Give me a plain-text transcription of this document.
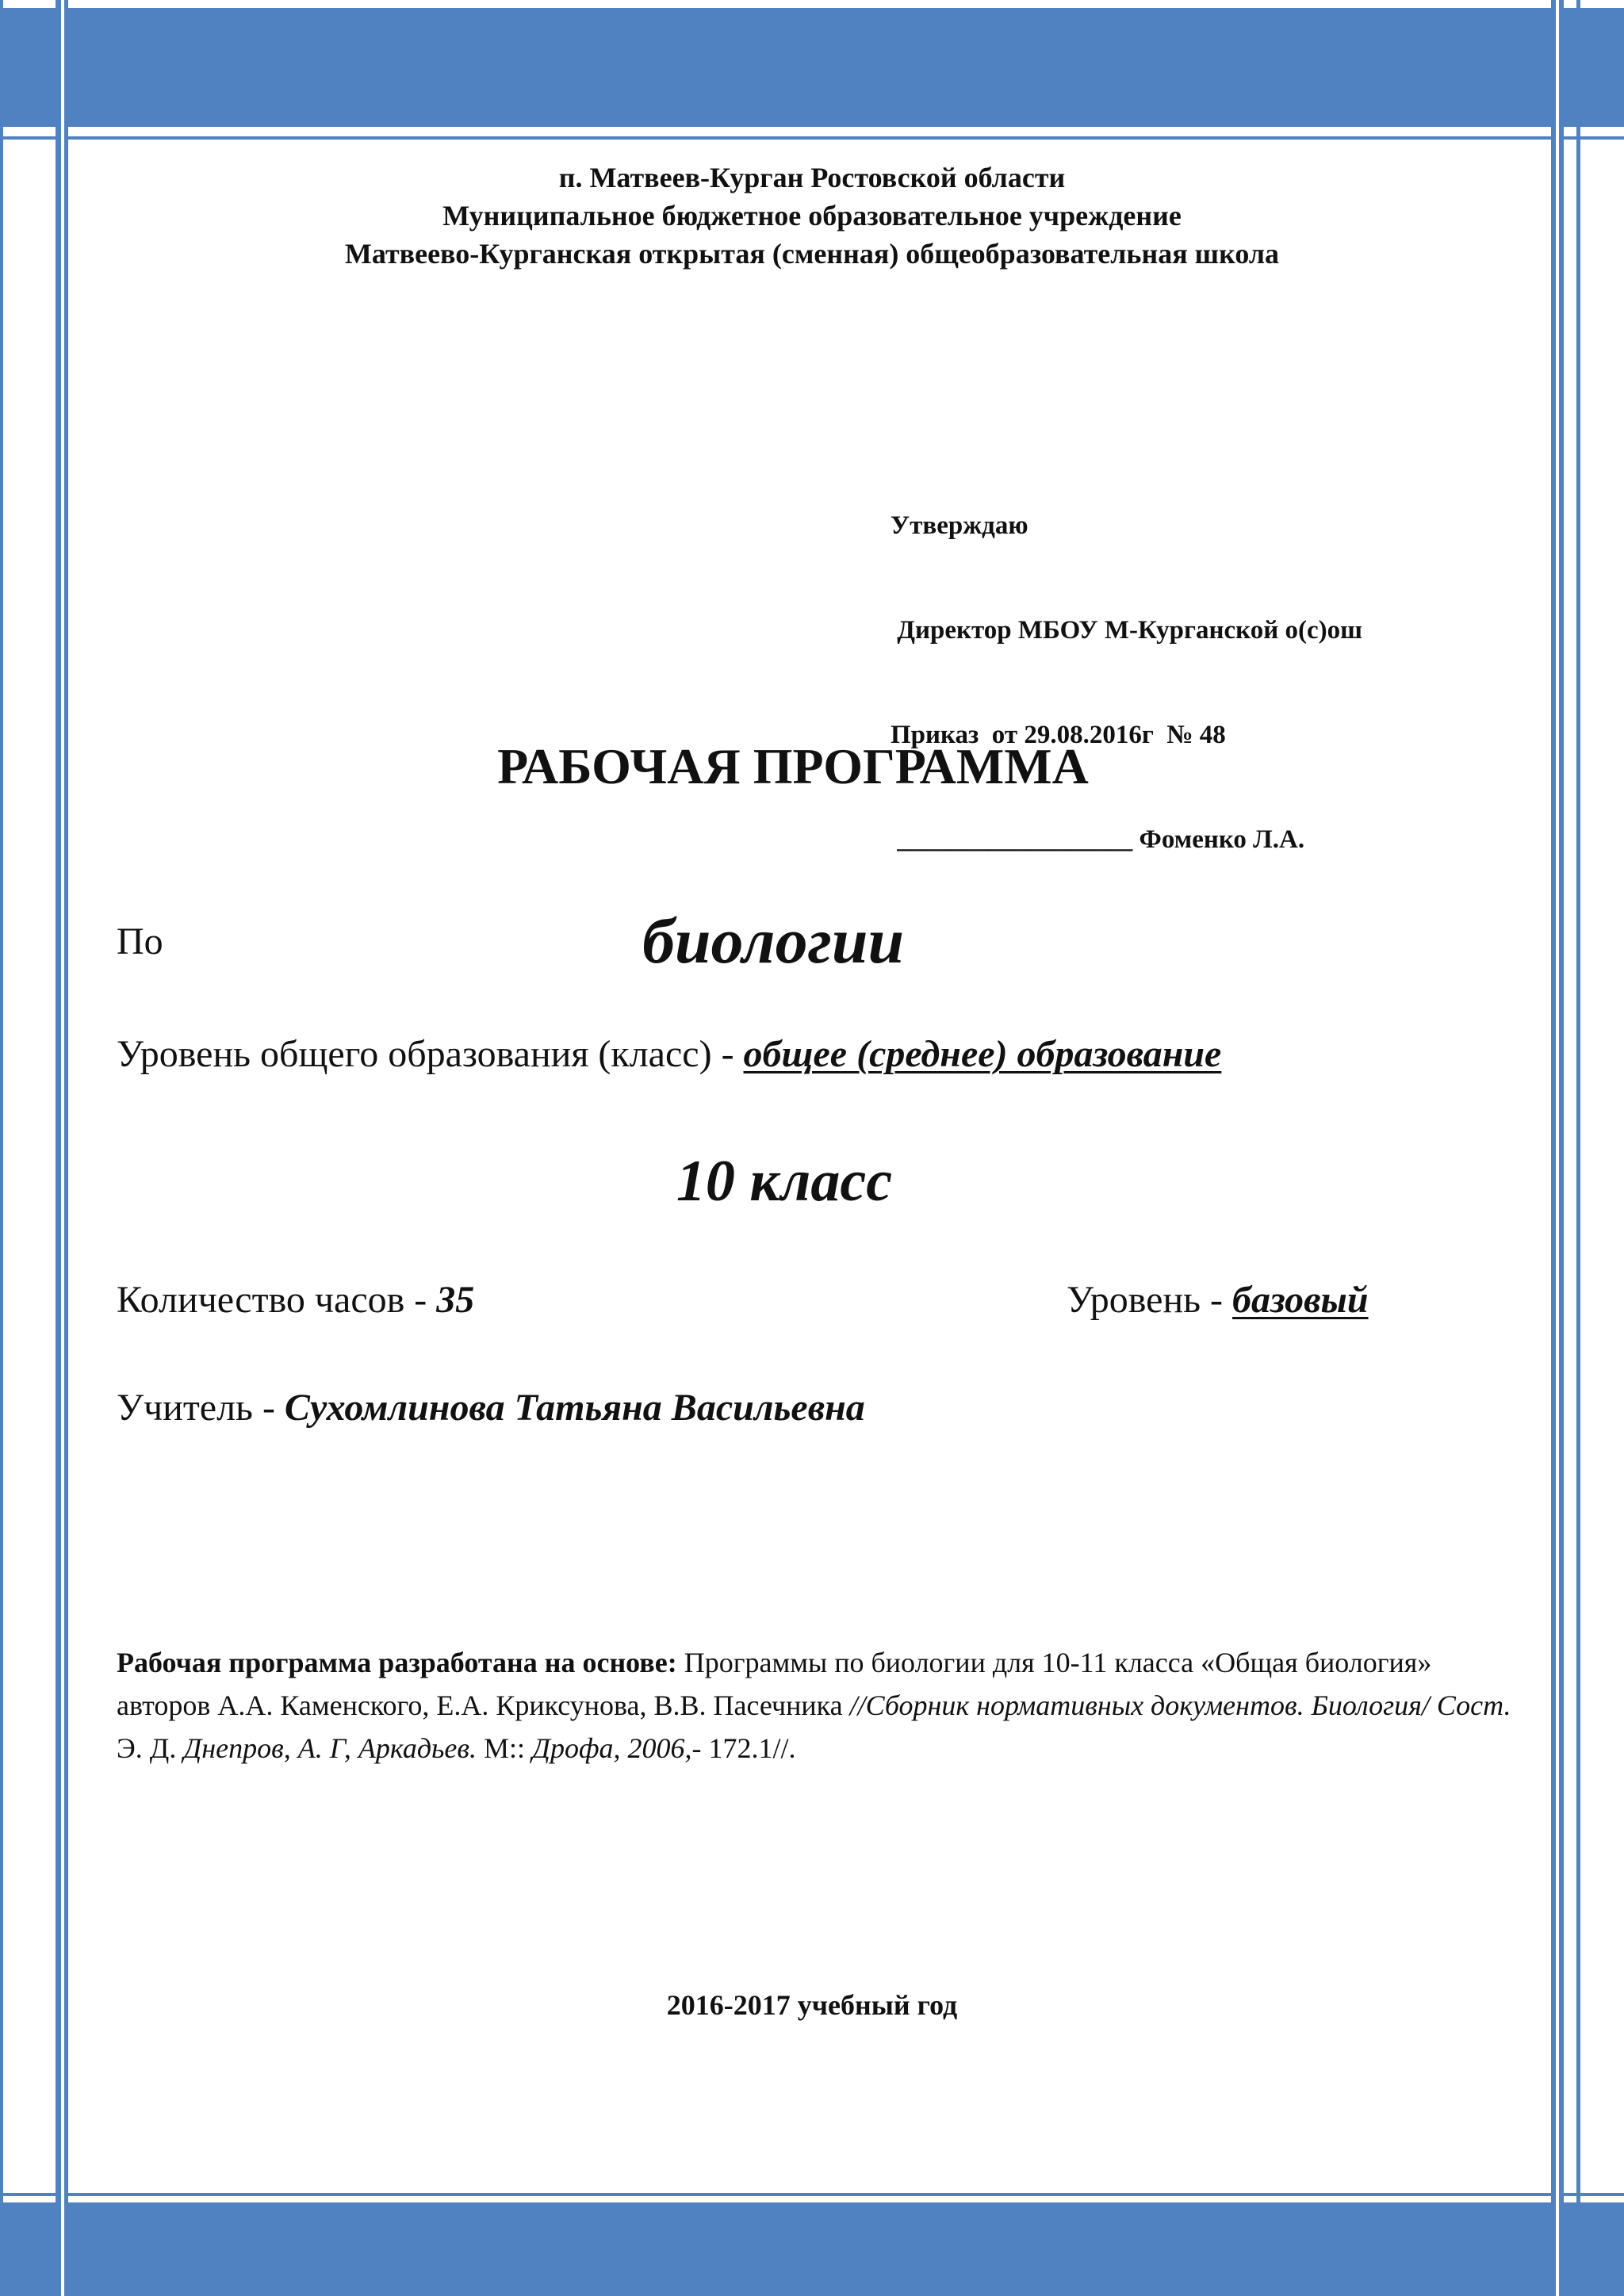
п. Матвеев-Курган Ростовской области
Муниципальное бюджетное образовательное учреждение
Матвеево-Курганская открытая (сменная) общеобразовательная школа

Утверждаю

Директор МБОУ М-Курганской о(с)ош

Приказ  от 29.08.2016г  № 48

__________________ Фоменко Л.А.

РАБОЧАЯ ПРОГРАММА
По	биологии
Уровень общего образования (класс) - общее (среднее) образование
10 класс
Количество часов - 35	Уровень - базовый
Учитель - Сухомлинова Татьяна Васильевна
Рабочая программа разработана на основе: Программы по биологии для 10-11 класса «Общая биология» авторов А.А. Каменского, Е.А. Криксунова, В.В. Пасечника //Сборник нормативных документов. Биология/ Сост. Э. Д. Днепров, А. Г, Аркадьев. М:: Дрофа, 2006,- 172.1//.
2016-2017 учебный год
